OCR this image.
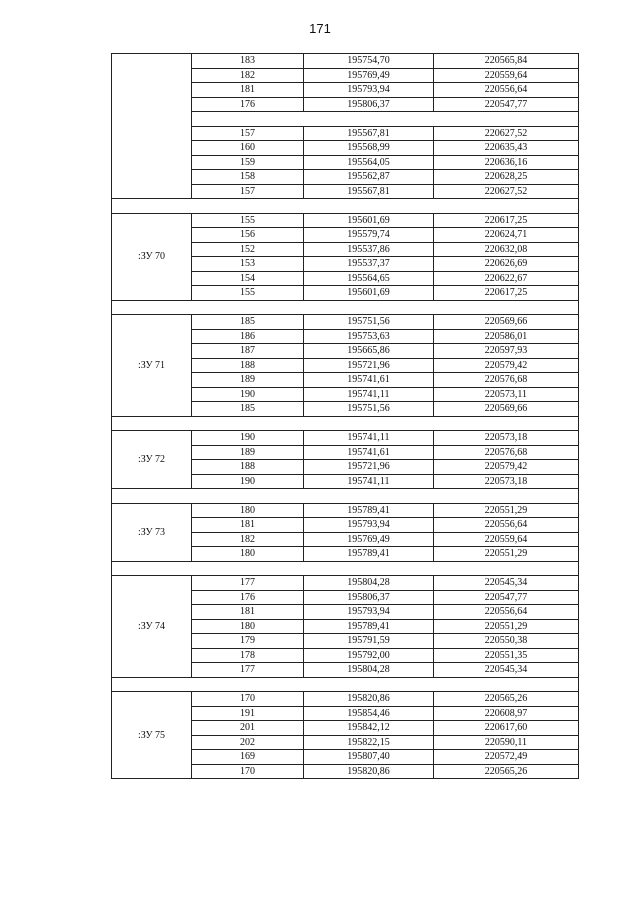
171
	183	195754,70	220565,84
	182	195769,49	220559,64
	181	195793,94	220556,64
	176	195806,37	220547,77

	157	195567,81	220627,52
	160	195568,99	220635,43
	159	195564,05	220636,16
	158	195562,87	220628,25
	157	195567,81	220627,52

:ЗУ 70	155	195601,69	220617,25
	156	195579,74	220624,71
	152	195537,86	220632,08
	153	195537,37	220626,69
	154	195564,65	220622,67
	155	195601,69	220617,25

:ЗУ 71	185	195751,56	220569,66
	186	195753,63	220586,01
	187	195665,86	220597,93
	188	195721,96	220579,42
	189	195741,61	220576,68
	190	195741,11	220573,11
	185	195751,56	220569,66

:ЗУ 72	190	195741,11	220573,18
	189	195741,61	220576,68
	188	195721,96	220579,42
	190	195741,11	220573,18

:ЗУ 73	180	195789,41	220551,29
	181	195793,94	220556,64
	182	195769,49	220559,64
	180	195789,41	220551,29

:ЗУ 74	177	195804,28	220545,34
	176	195806,37	220547,77
	181	195793,94	220556,64
	180	195789,41	220551,29
	179	195791,59	220550,38
	178	195792,00	220551,35
	177	195804,28	220545,34

:ЗУ 75	170	195820,86	220565,26
	191	195854,46	220608,97
	201	195842,12	220617,60
	202	195822,15	220590,11
	169	195807,40	220572,49
	170	195820,86	220565,26
